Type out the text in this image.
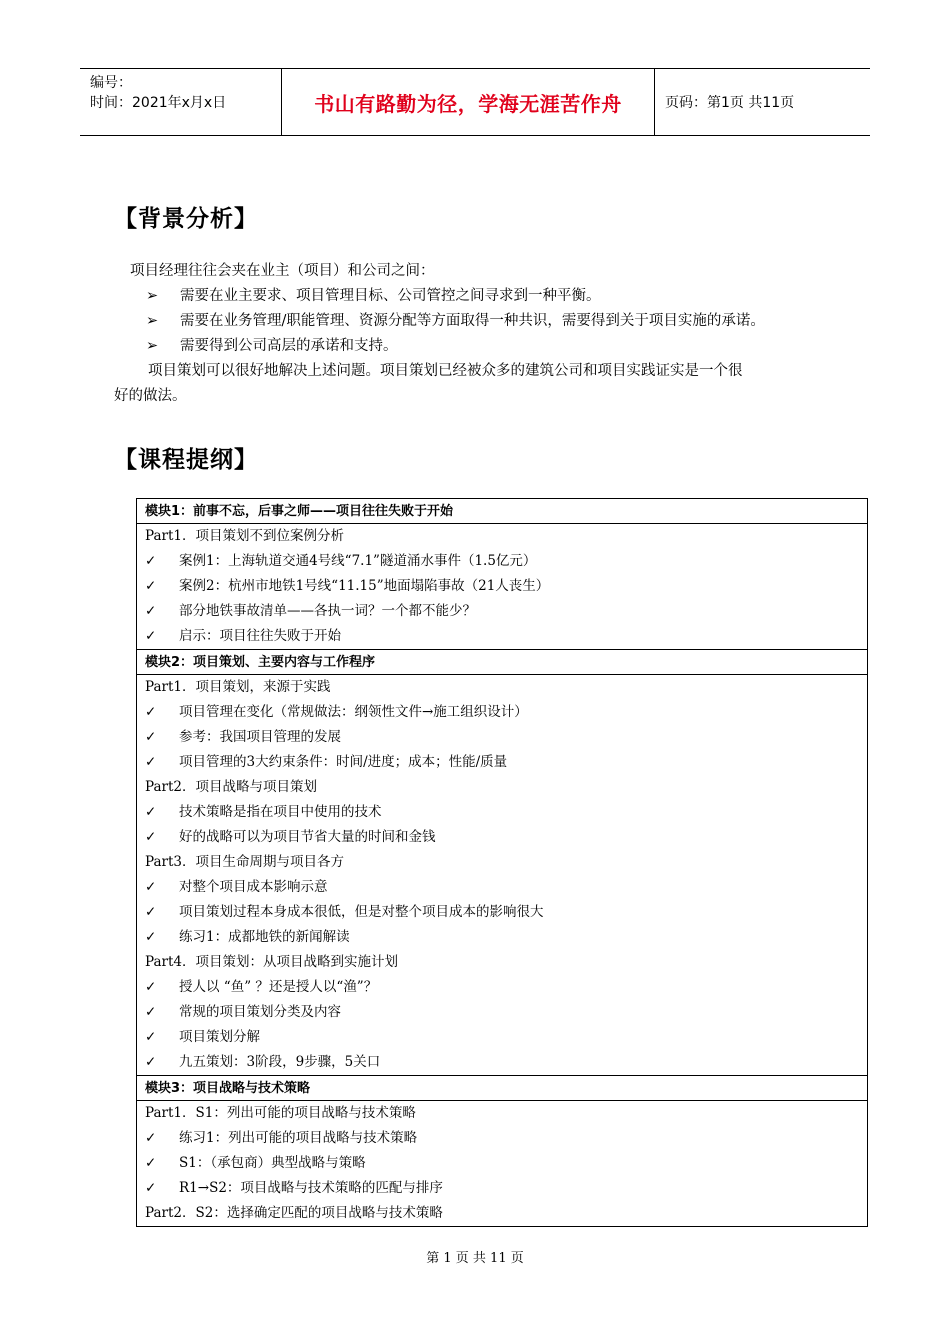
编号：
时间：2021年x月x日	书山有路勤为径，学海无涯苦作舟	页码：第1页 共11页
【背景分析】
项目经理往往会夹在业主（项目）和公司之间：
➢ 需要在业主要求、项目管理目标、公司管控之间寻求到一种平衡。
➢ 需要在业务管理/职能管理、资源分配等方面取得一种共识，需要得到关于项目实施的承诺。
➢ 需要得到公司高层的承诺和支持。
项目策划可以很好地解决上述问题。项目策划已经被众多的建筑公司和项目实践证实是一个很
好的做法。
【课程提纲】
模块1：前事不忘，后事之师——项目往往失败于开始
Part1．项目策划不到位案例分析
✓ 案例1：上海轨道交通4号线“7.1”隧道涌水事件（1.5亿元）
✓ 案例2：杭州市地铁1号线“11.15”地面塌陷事故（21人丧生）
✓ 部分地铁事故清单——各执一词？一个都不能少？
✓ 启示：项目往往失败于开始
模块2：项目策划、主要内容与工作程序
Part1．项目策划，来源于实践
✓ 项目管理在变化（常规做法：纲领性文件→施工组织设计）
✓ 参考：我国项目管理的发展
✓ 项目管理的3大约束条件：时间/进度；成本；性能/质量
Part2．项目战略与项目策划
✓ 技术策略是指在项目中使用的技术
✓ 好的战略可以为项目节省大量的时间和金钱
Part3．项目生命周期与项目各方
✓ 对整个项目成本影响示意
✓ 项目策划过程本身成本很低，但是对整个项目成本的影响很大
✓ 练习1：成都地铁的新闻解读
Part4．项目策划：从项目战略到实施计划
✓ 授人以 “鱼” ？还是授人以“渔”？
✓ 常规的项目策划分类及内容
✓ 项目策划分解
✓ 九五策划：3阶段，9步骤，5关口
模块3：项目战略与技术策略
Part1．S1：列出可能的项目战略与技术策略
✓ 练习1：列出可能的项目战略与技术策略
✓ S1：（承包商）典型战略与策略
✓ R1→S2：项目战略与技术策略的匹配与排序
Part2．S2：选择确定匹配的项目战略与技术策略
第 1 页 共 11 页
